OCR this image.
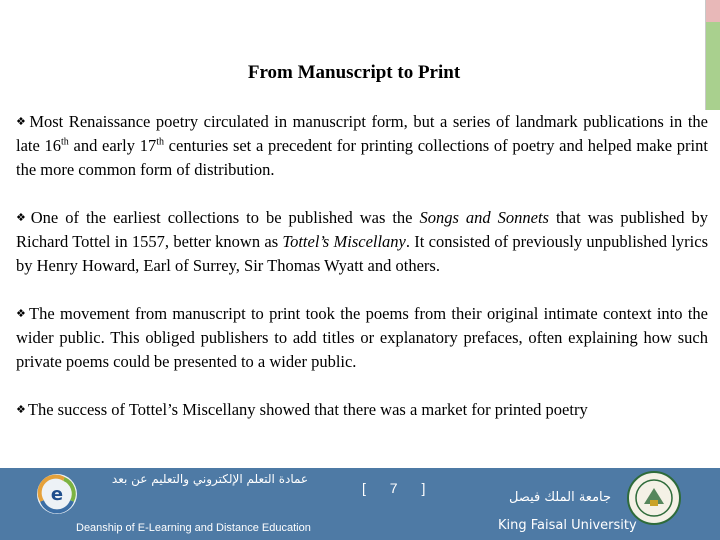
From Manuscript to Print

❖ Most Renaissance poetry circulated in manuscript form, but a series of landmark publications in the late 16th and early 17th centuries set a precedent for printing collections of poetry and helped make print the more common form of distribution.

❖ One of the earliest collections to be published was the Songs and Sonnets that was published by Richard Tottel in 1557, better known as Tottel’s Miscellany. It consisted of previously unpublished lyrics by Henry Howard, Earl of Surrey, Sir Thomas Wyatt and others.

❖ The movement from manuscript to print took the poems from their original intimate context into the wider public. This obliged publishers to add titles or explanatory prefaces, often explaining how such private poems could be presented to a wider public.

❖ The success of Tottel’s Miscellany showed that there was a market for printed poetry

e
عمادة التعلم الإلكتروني والتعليم عن بعد
Deanship of E-Learning and Distance Education
[ 7 ]
جامعة الملك فيصل
King Faisal University
